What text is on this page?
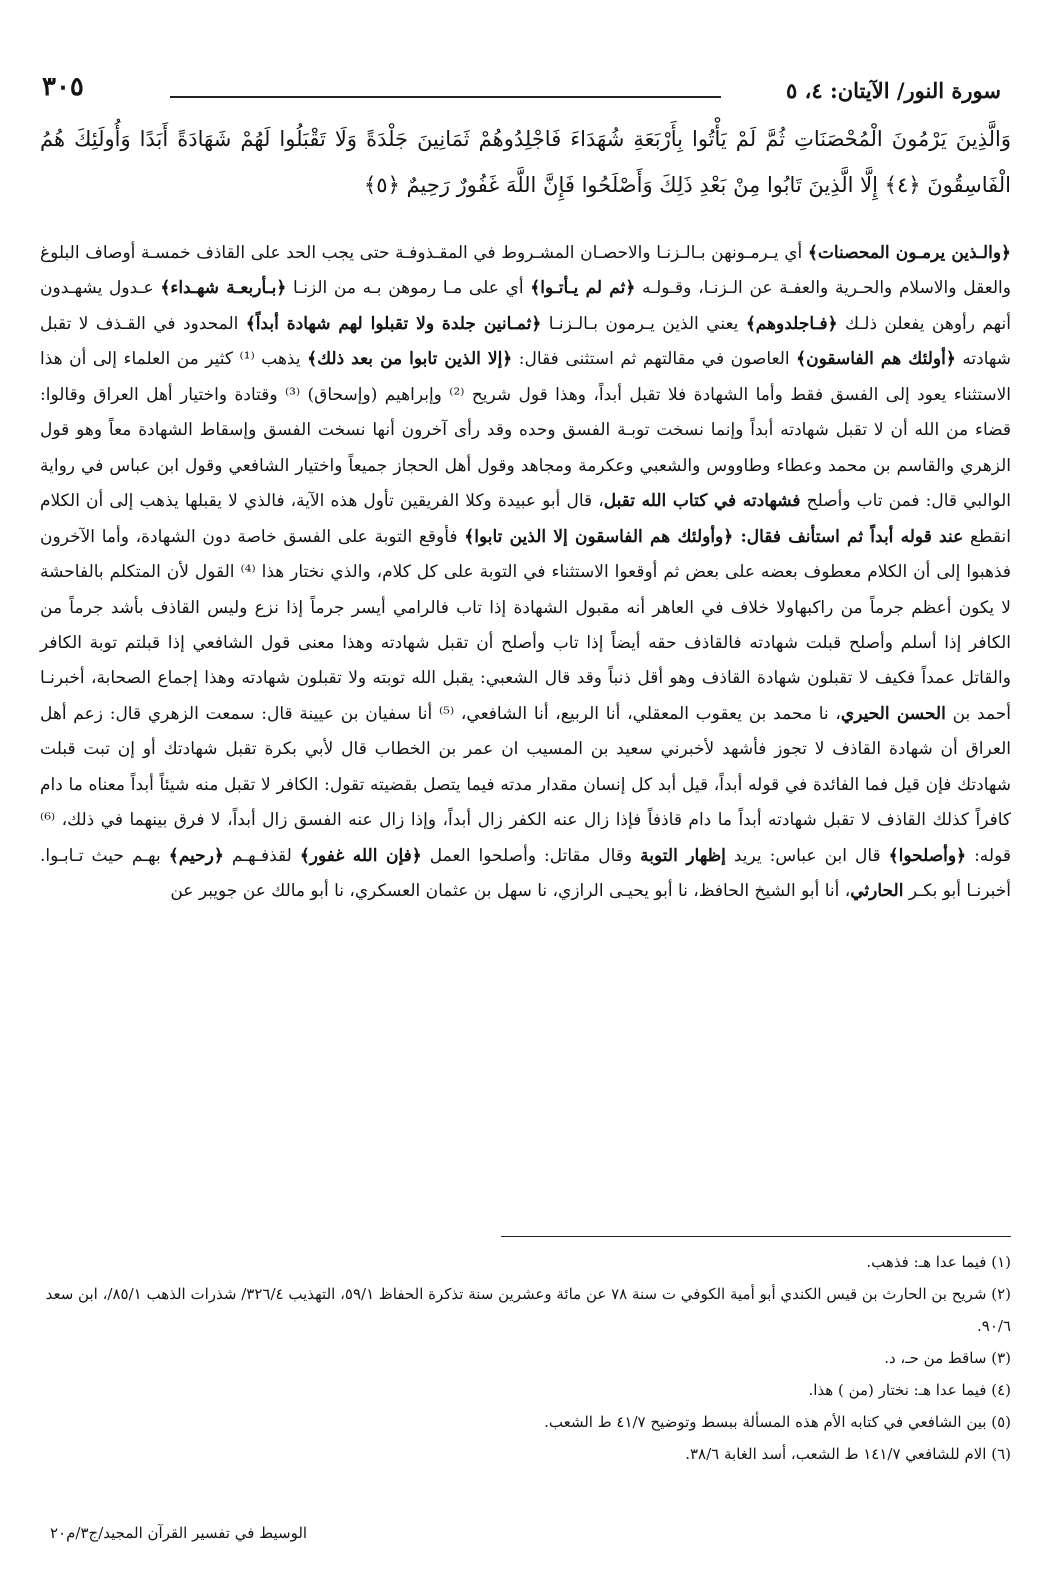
سورة النور/ الآيتان: ٤، ٥
٣٠٥
وَالَّذِينَ يَرْمُونَ الْمُحْصَنَاتِ ثُمَّ لَمْ يَأْتُوا بِأَرْبَعَةِ شُهَدَاءَ فَاجْلِدُوهُمْ ثَمَانِينَ جَلْدَةً وَلَا تَقْبَلُوا لَهُمْ شَهَادَةً أَبَدًا وَأُولَئِكَ هُمُ الْفَاسِقُونَ ﴿٤﴾ إِلَّا الَّذِينَ تَابُوا مِنْ بَعْدِ ذَلِكَ وَأَصْلَحُوا فَإِنَّ اللَّهَ غَفُورٌ رَحِيمٌ ﴿٥﴾
﴿والـذين يرمـون المحصنات﴾ أي يـرمـونهن بـالـزنـا والاحصـان المشـروط في المقـذوفـة حتى يجب الحد على القاذف خمسـة أوصاف البلوغ والعقل والاسلام والحـرية والعفـة عن الـزنـا، وقـولـه ﴿ثم لم يـأتـوا﴾ أي على مـا رموهن بـه من الزنـا ﴿بـأربعـة شهـداء﴾ عـدول يشهـدون أنهم رأوهن يفعلن ذلـك ﴿فـاجلدوهم﴾ يعني الذين يـرمون بـالـزنـا ﴿ثمـانين جلدة ولا تقبلوا لهم شهادة أبداً﴾ المحدود في القـذف لا تقبل شهادته ﴿أولئك هم الفاسقون﴾ العاصون في مقالتهم ثم استثنى فقال: ﴿إلا الذين تابوا من بعد ذلك﴾ يذهب ⁽¹⁾ كثير من العلماء إلى أن هذا الاستثناء يعود إلى الفسق فقط وأما الشهادة فلا تقبل أبداً، وهذا قول شريح ⁽²⁾ وإبراهيم (وإسحاق) ⁽³⁾ وقتادة واختيار أهل العراق وقالوا: قضاء من الله أن لا تقبل شهادته أبداً وإنما نسخت توبـة الفسق وحده وقد رأى آخرون أنها نسخت الفسق وإسقاط الشهادة معاً وهو قول الزهري والقاسم بن محمد وعطاء وطاووس والشعبي وعكرمة ومجاهد وقول أهل الحجاز جميعاً واختيار الشافعي وقول ابن عباس في رواية الوالبي قال: فمن تاب وأصلح فشهادته في كتاب الله تقبل، قال أبو عبيدة وكلا الفريقين تأول هذه الآية، فالذي لا يقبلها يذهب إلى أن الكلام انقطع عند قوله أبداً ثم استأنف فقال: ﴿وأولئك هم الفاسقون إلا الذين تابوا﴾ فأوقع التوبة على الفسق خاصة دون الشهادة، وأما الآخرون فذهبوا إلى أن الكلام معطوف بعضه على بعض ثم أوقعوا الاستثناء في التوبة على كل كلام، والذي نختار هذا ⁽⁴⁾ القول لأن المتكلم بالفاحشة لا يكون أعظم جرماً من راكبهاولا خلاف في العاهر أنه مقبول الشهادة إذا تاب فالرامي أيسر جرماً إذا نزع وليس القاذف بأشد جرماً من الكافر إذا أسلم وأصلح قبلت شهادته فالقاذف حقه أيضاً إذا تاب وأصلح أن تقبل شهادته وهذا معنى قول الشافعي إذا قبلتم توبة الكافر والقاتل عمداً فكيف لا تقبلون شهادة القاذف وهو أقل ذنباً وقد قال الشعبي: يقبل الله توبته ولا تقبلون شهادته وهذا إجماع الصحابة، أخبرنـا أحمد بن الحسن الحيري، نا محمد بن يعقوب المعقلي، أنا الربيع، أنا الشافعي، ⁽⁵⁾ أنا سفيان بن عيينة قال: سمعت الزهري قال: زعم أهل العراق أن شهادة القاذف لا تجوز فأشهد لأخبرني سعيد بن المسيب ان عمر بن الخطاب قال لأبي بكرة تقبل شهادتك أو إن تبت قبلت شهادتك فإن قيل فما الفائدة في قوله أبداً، قيل أبد كل إنسان مقدار مدته فيما يتصل بقضيته تقول: الكافر لا تقبل منه شيئاً أبداً معناه ما دام كافراً كذلك القاذف لا تقبل شهادته أبداً ما دام قاذفاً فإذا زال عنه الكفر زال أبداً، وإذا زال عنه الفسق زال أبداً، لا فرق بينهما في ذلك، ⁽⁶⁾ قوله: ﴿وأصلحوا﴾ قال ابن عباس: يريد إظهار التوبة وقال مقاتل: وأصلحوا العمل ﴿فإن الله غفور﴾ لقذفـهـم ﴿رحيم﴾ بهـم حيث تـابـوا. أخبرنـا أبو بكـر الحارثي، أنا أبو الشيخ الحافظ، نا أبو يحيـى الرازي، نا سهل بن عثمان العسكري، نا أبو مالك عن جويبر عن

(١) فيما عدا هـ: فذهب.

(٢) شريح بن الحارث بن قيس الكندي أبو أمية الكوفي ت سنة ٧٨ عن مائة وعشرين سنة تذكرة الحفاظ ٥٩/١، التهذيب ٣٢٦/٤/ شذرات الذهب ٨٥/١/، ابن سعد ٩٠/٦.

(٣) ساقط من حـ، د.

(٤) فيما عدا هـ: نختار (من ) هذا.

(٥) بين الشافعي في كتابه الأم هذه المسألة ببسط وتوضيح ٤١/٧ ط الشعب.

(٦) الام للشافعي ١٤١/٧ ط الشعب، أسد الغابة ٣٨/٦.

الوسيط في تفسير القرآن المجيد/ج٣/م٢٠
